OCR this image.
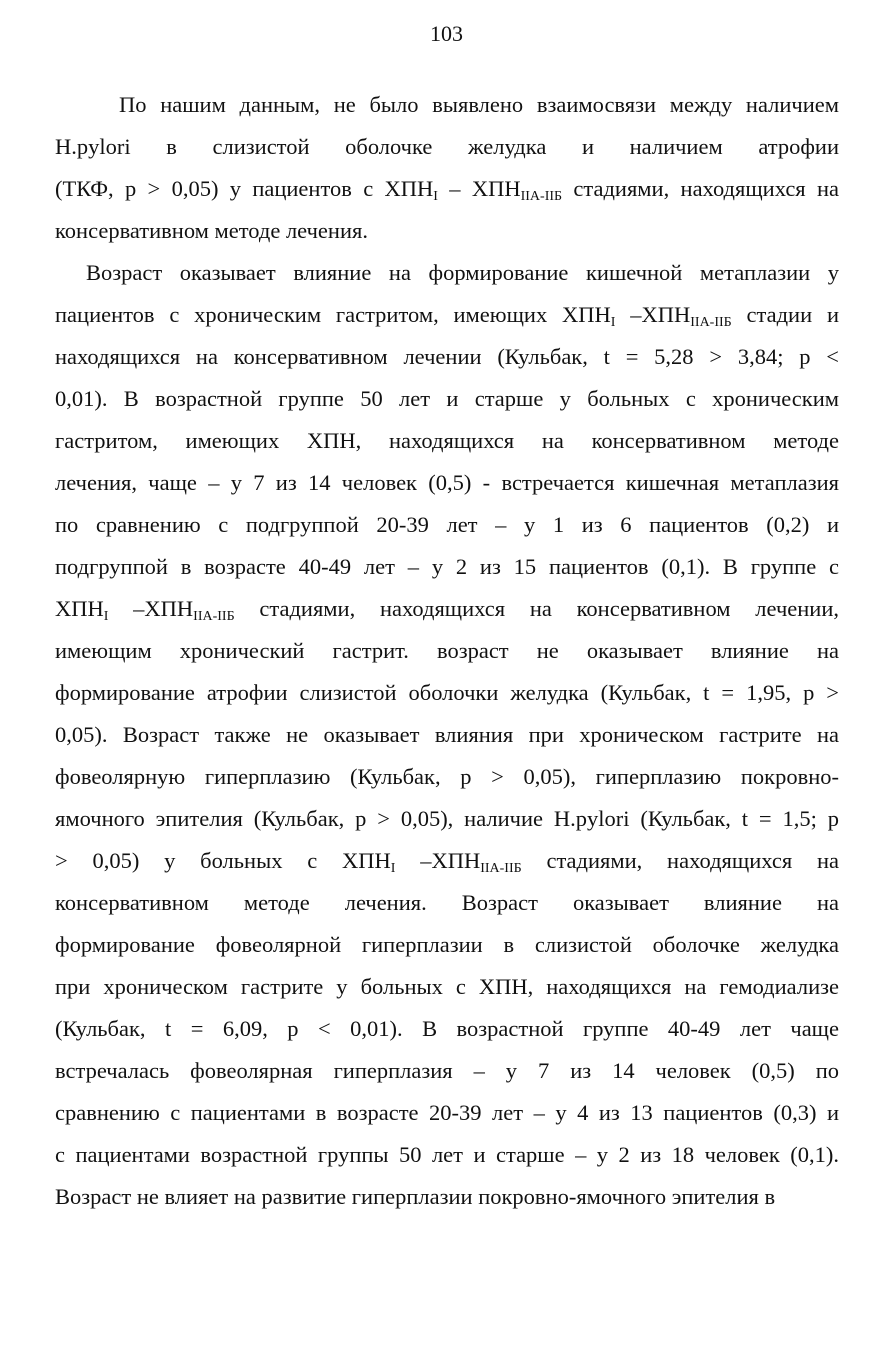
103
По нашим данным, не было выявлено взаимосвязи между наличием
H.pylori в слизистой оболочке желудка и наличием атрофии
(ТКФ, p > 0,05) у пациентов с $ХПН_I - ХПН_{IIА-IIБ}$ стадиями, находящихся на
консервативном методе лечения.
Возраст оказывает влияние на формирование кишечной метаплазии у
пациентов с хроническим гастритом, имеющих $ХПН_I$ $-ХПН_{IIА-IIБ}$ стадии и
находящихся на консервативном лечении (Кульбак, t = 5,28 > 3,84; p <
0,01). В возрастной группе 50 лет и старше у больных с хроническим
гастритом, имеющих ХПН, находящихся на консервативном методе
лечения, чаще – у 7 из 14 человек (0,5) - встречается кишечная метаплазия
по сравнению с подгруппой 20-39 лет – у 1 из 6 пациентов (0,2) и
подгруппой в возрасте 40-49 лет – у 2 из 15 пациентов (0,1). В группе с
$ХПН_I$ $-ХПН_{IIА-IIБ}$ стадиями, находящихся на консервативном лечении,
имеющим хронический гастрит. возраст не оказывает влияние на
формирование атрофии слизистой оболочки желудка (Кульбак, t = 1,95, p >
0,05). Возраст также не оказывает влияния при хроническом гастрите на
фовеолярную гиперплазию (Кульбак, p > 0,05), гиперплазию покровно-
ямочного эпителия (Кульбак, p > 0,05), наличие H.pylori (Кульбак, t = 1,5; p
> 0,05) у больных с $ХПН_I$ $-ХПН_{IIА-IIБ}$ стадиями, находящихся на
консервативном методе лечения. Возраст оказывает влияние на
формирование фовеолярной гиперплазии в слизистой оболочке желудка
при хроническом гастрите у больных с ХПН, находящихся на гемодиализе
(Кульбак, t = 6,09, p < 0,01). В возрастной группе 40-49 лет чаще
встречалась фовеолярная гиперплазия – у 7 из 14 человек (0,5) по
сравнению с пациентами в возрасте 20-39 лет – у 4 из 13 пациентов (0,3) и
с пациентами возрастной группы 50 лет и старше – у 2 из 18 человек (0,1).
Возраст не влияет на развитие гиперплазии покровно-ямочного эпителия в
